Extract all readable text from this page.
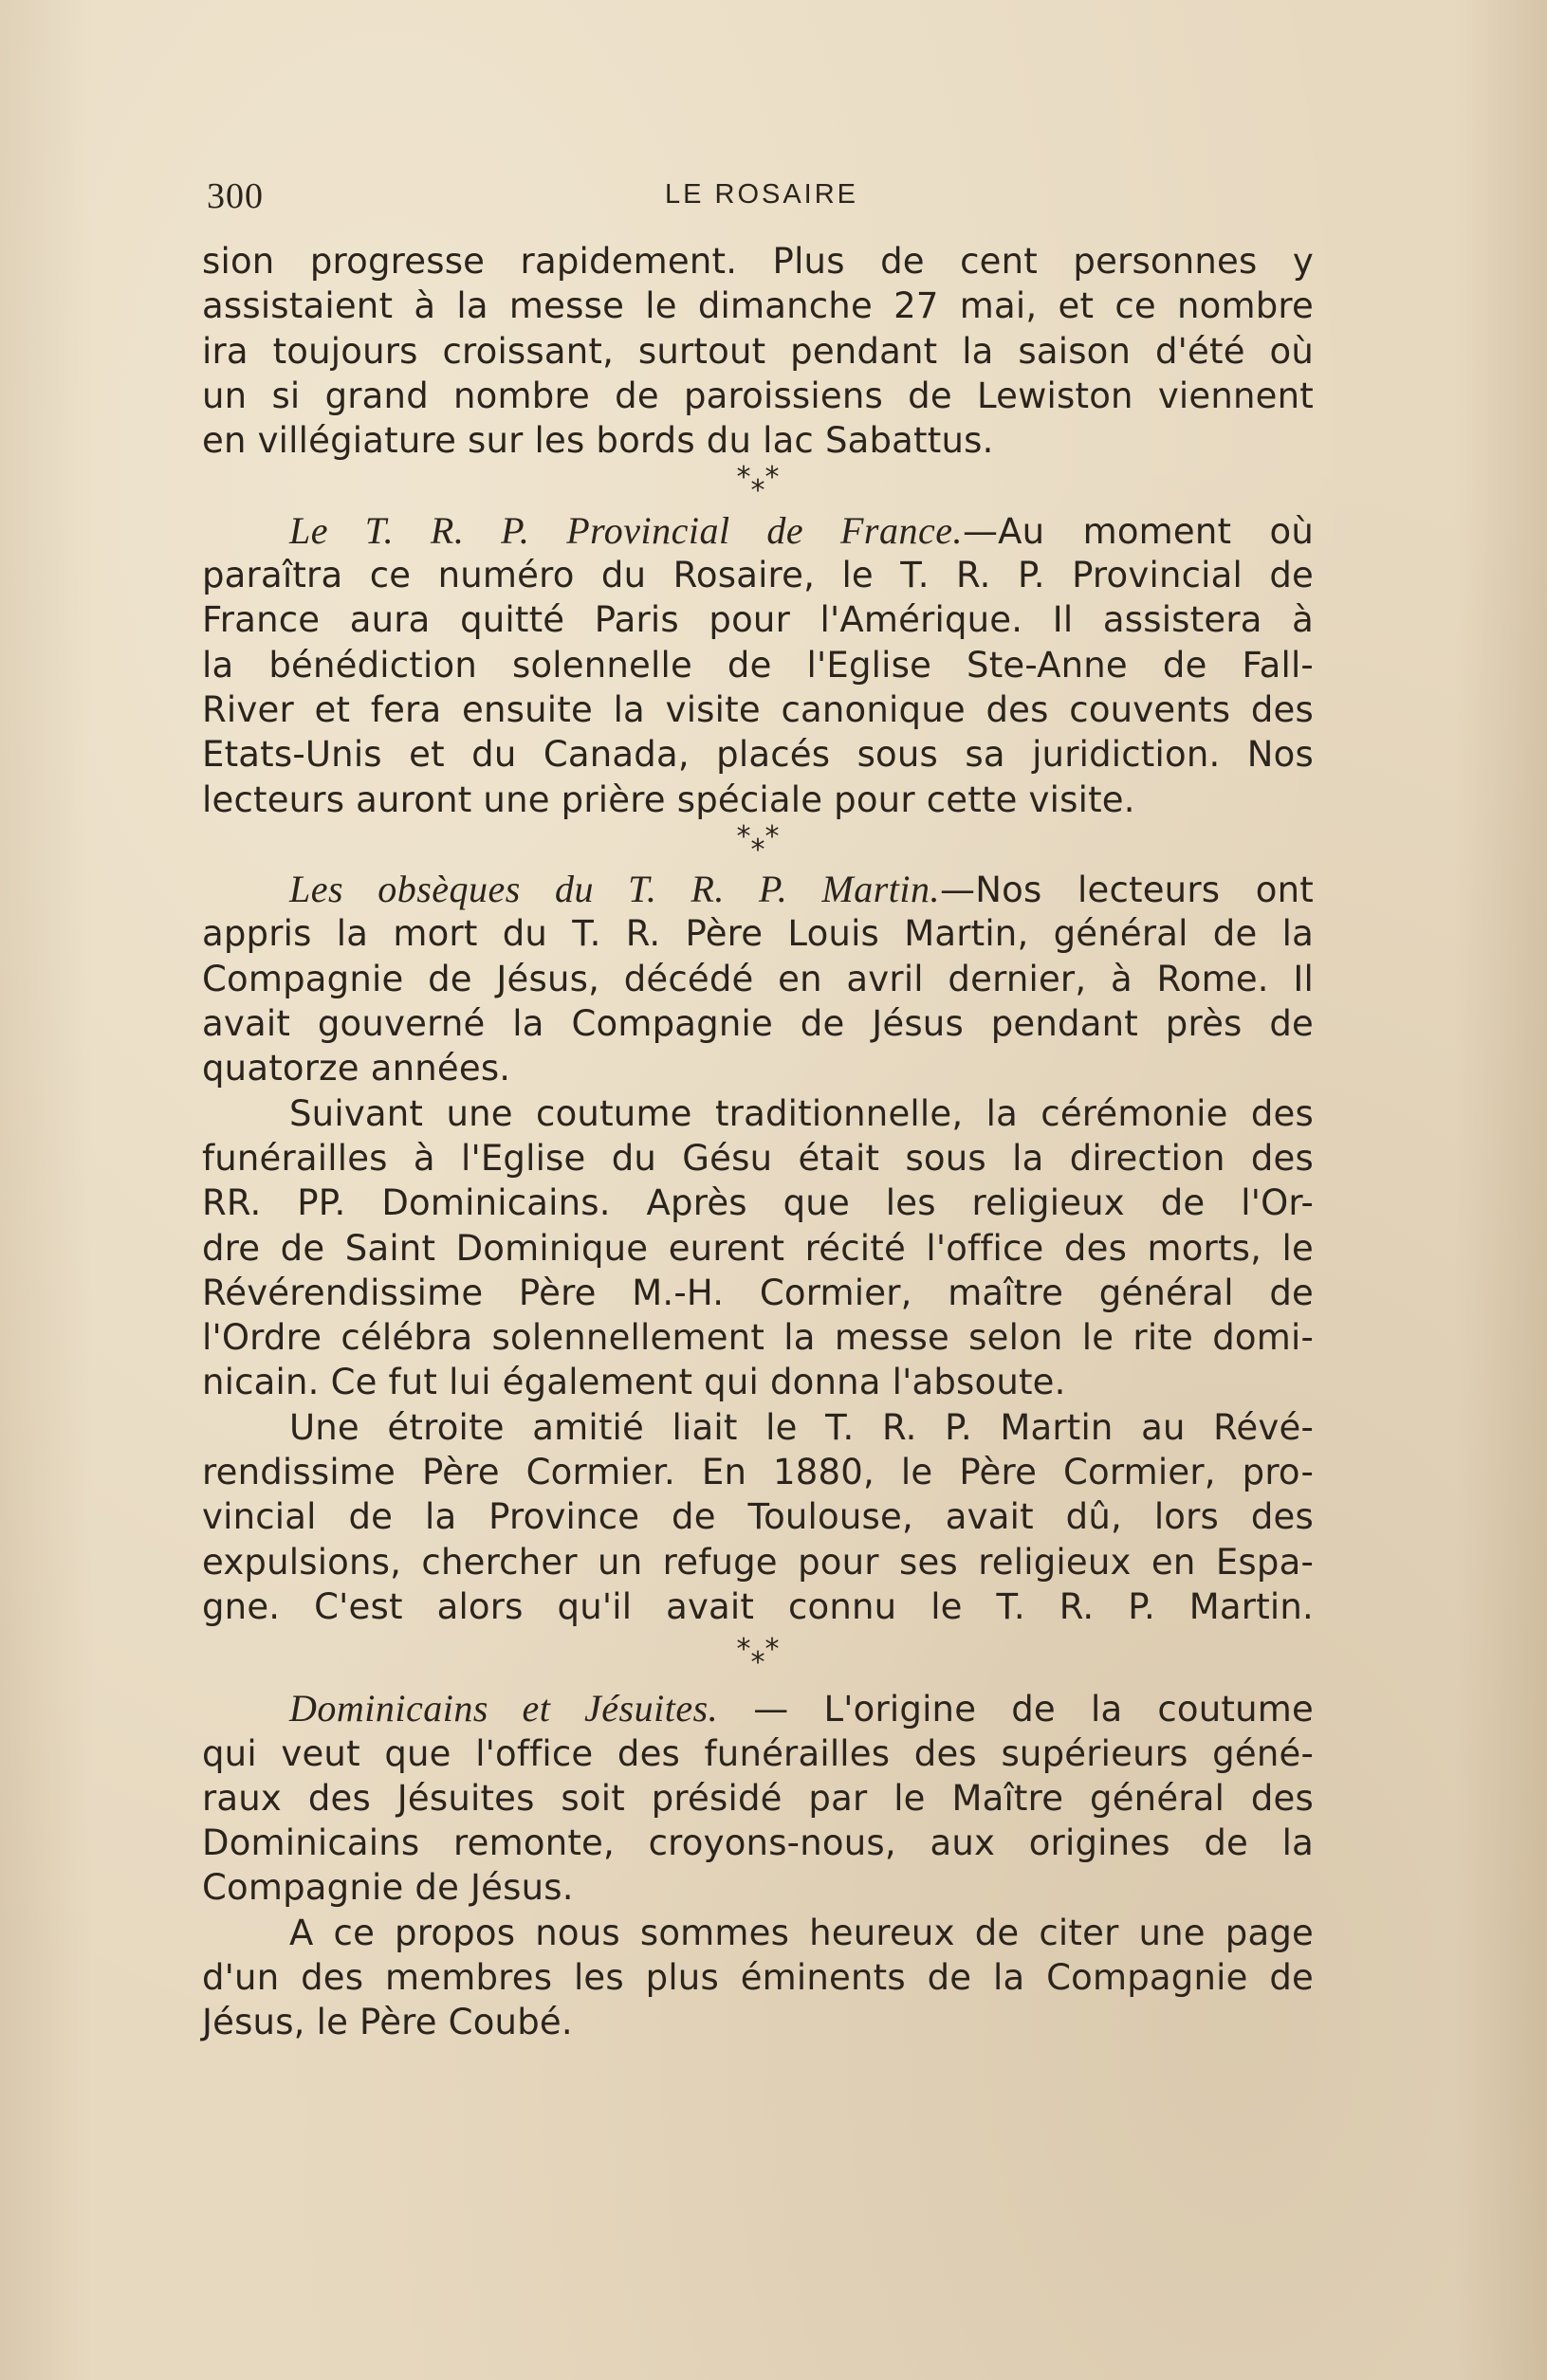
300	LE ROSAIRE
sion progresse rapidement. Plus de cent personnes y
assistaient à la messe le dimanche 27 mai, et ce nombre
ira toujours croissant, surtout pendant la saison d'été où
un si grand nombre de paroissiens de Lewiston viennent
en villégiature sur les bords du lac Sabattus.
***
Le T. R. P. Provincial de France.—Au moment où
paraîtra ce numéro du Rosaire, le T. R. P. Provincial de
France aura quitté Paris pour l'Amérique. Il assistera à
la bénédiction solennelle de l'Eglise Ste-Anne de Fall-
River et fera ensuite la visite canonique des couvents des
Etats-Unis et du Canada, placés sous sa juridiction. Nos
lecteurs auront une prière spéciale pour cette visite.
***
Les obsèques du T. R. P. Martin.—Nos lecteurs ont
appris la mort du T. R. Père Louis Martin, général de la
Compagnie de Jésus, décédé en avril dernier, à Rome. Il
avait gouverné la Compagnie de Jésus pendant près de
quatorze années.
Suivant une coutume traditionnelle, la cérémonie des
funérailles à l'Eglise du Gésu était sous la direction des
RR. PP. Dominicains. Après que les religieux de l'Or-
dre de Saint Dominique eurent récité l'office des morts, le
Révérendissime Père M.-H. Cormier, maître général de
l'Ordre célébra solennellement la messe selon le rite domi-
nicain. Ce fut lui également qui donna l'absoute.
Une étroite amitié liait le T. R. P. Martin au Révé-
rendissime Père Cormier. En 1880, le Père Cormier, pro-
vincial de la Province de Toulouse, avait dû, lors des
expulsions, chercher un refuge pour ses religieux en Espa-
gne. C'est alors qu'il avait connu le T. R. P. Martin.
***
Dominicains et Jésuites. — L'origine de la coutume
qui veut que l'office des funérailles des supérieurs géné-
raux des Jésuites soit présidé par le Maître général des
Dominicains remonte, croyons-nous, aux origines de la
Compagnie de Jésus.
A ce propos nous sommes heureux de citer une page
d'un des membres les plus éminents de la Compagnie de
Jésus, le Père Coubé.
